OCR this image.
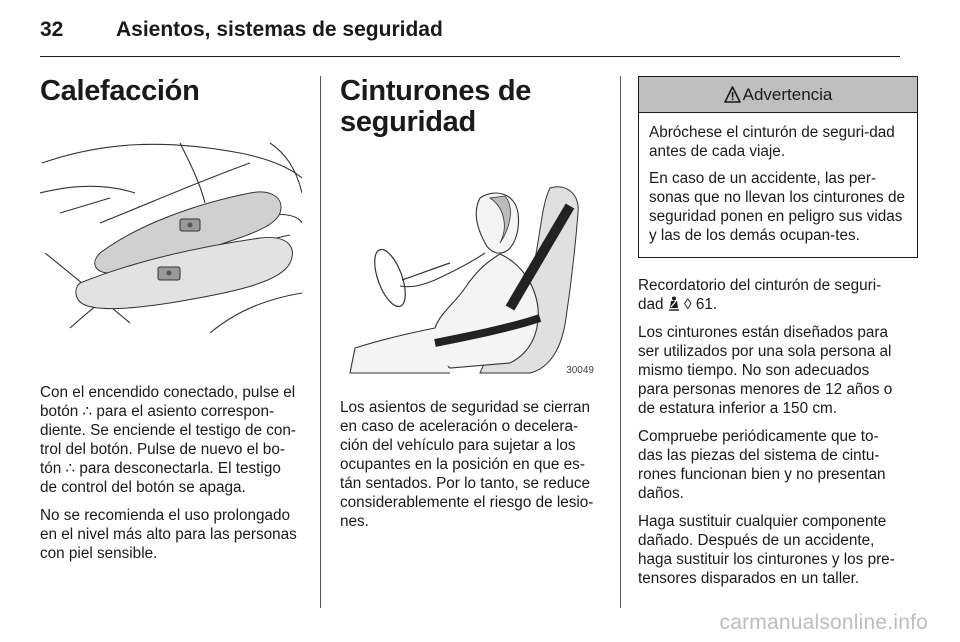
32	Asientos, sistemas de seguridad
Calefacción

Con el encendido conectado, pulse el botón ∴ para el asiento correspon-diente. Se enciende el testigo de con-trol del botón. Pulse de nuevo el bo-tón ∴ para desconectarla. El testigo de control del botón se apaga.

No se recomienda el uso prolongado en el nivel más alto para las personas con piel sensible.

Cinturones de
seguridad
30049

Los asientos de seguridad se cierran en caso de aceleración o decelera-ción del vehículo para sujetar a los ocupantes en la posición en que es-tán sentados. Por lo tanto, se reduce considerablemente el riesgo de lesio-nes.

Advertencia

Abróchese el cinturón de seguri-dad antes de cada viaje.

En caso de un accidente, las per-sonas que no llevan los cinturones de seguridad ponen en peligro sus vidas y las de los demás ocupan-tes.

Recordatorio del cinturón de seguri-dad ◊ 61.

Los cinturones están diseñados para ser utilizados por una sola persona al mismo tiempo. No son adecuados para personas menores de 12 años o de estatura inferior a 150 cm.

Compruebe periódicamente que to-das las piezas del sistema de cintu-rones funcionan bien y no presentan daños.

Haga sustituir cualquier componente dañado. Después de un accidente, haga sustituir los cinturones y los pre-tensores disparados en un taller.

carmanualsonline.info
